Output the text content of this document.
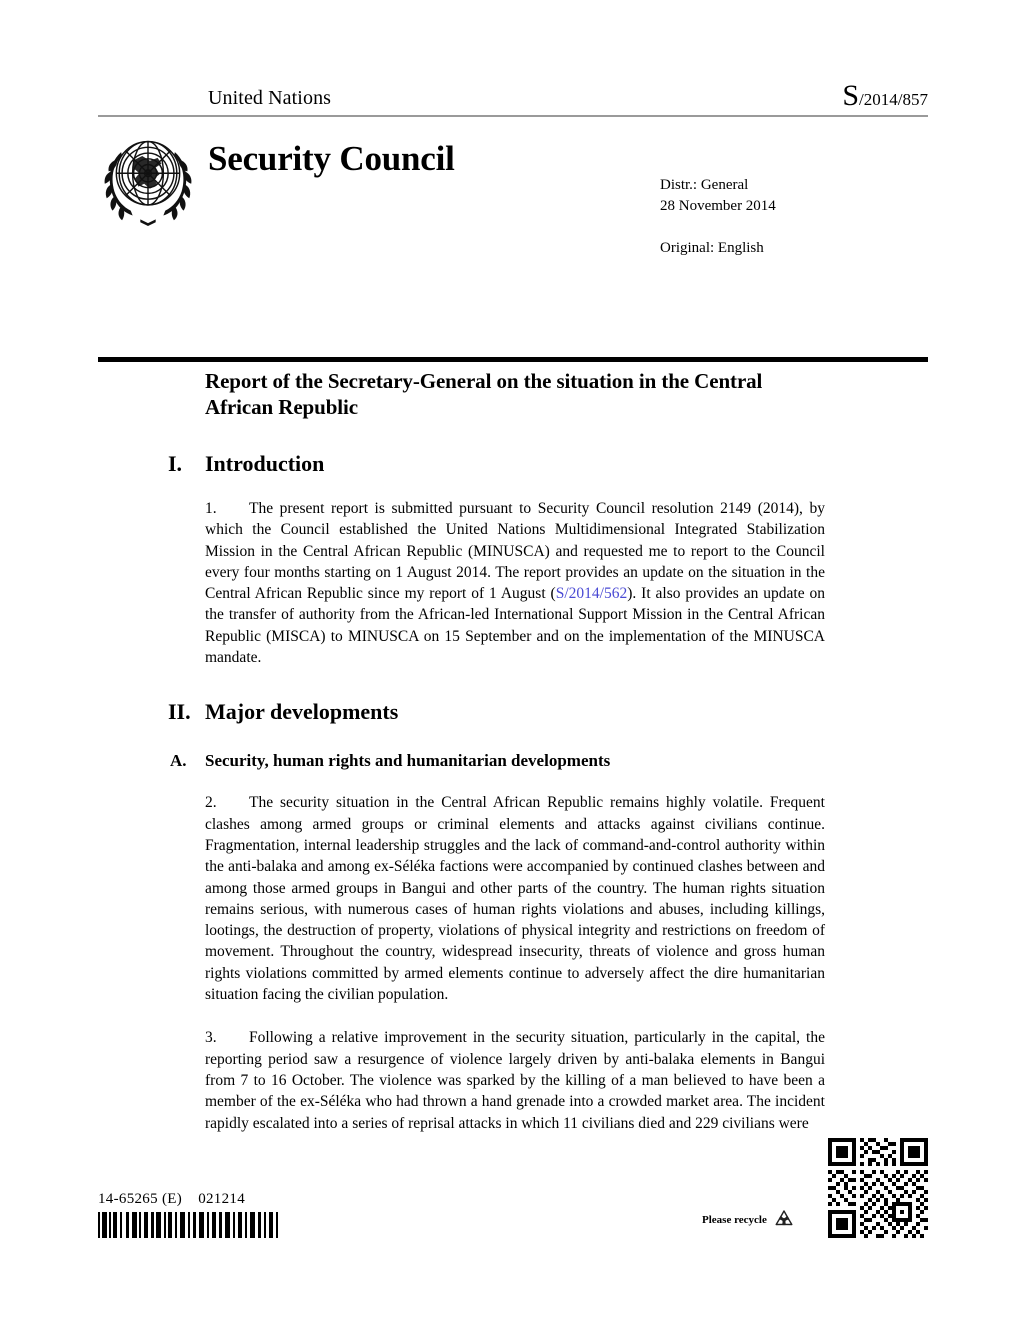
United Nations	S/2014/857
Security Council
Distr.: General
28 November 2014
Original: English
Report of the Secretary-General on the situation in the Central African Republic
I.	Introduction
1. The present report is submitted pursuant to Security Council resolution 2149 (2014), by which the Council established the United Nations Multidimensional Integrated Stabilization Mission in the Central African Republic (MINUSCA) and requested me to report to the Council every four months starting on 1 August 2014. The report provides an update on the situation in the Central African Republic since my report of 1 August (S/2014/562). It also provides an update on the transfer of authority from the African-led International Support Mission in the Central African Republic (MISCA) to MINUSCA on 15 September and on the implementation of the MINUSCA mandate.
II. Major developments
A.	Security, human rights and humanitarian developments
2. The security situation in the Central African Republic remains highly volatile. Frequent clashes among armed groups or criminal elements and attacks against civilians continue. Fragmentation, internal leadership struggles and the lack of command-and-control authority within the anti-balaka and among ex-Séléka factions were accompanied by continued clashes between and among those armed groups in Bangui and other parts of the country. The human rights situation remains serious, with numerous cases of human rights violations and abuses, including killings, lootings, the destruction of property, violations of physical integrity and restrictions on freedom of movement. Throughout the country, widespread insecurity, threats of violence and gross human rights violations committed by armed elements continue to adversely affect the dire humanitarian situation facing the civilian population.
3. Following a relative improvement in the security situation, particularly in the capital, the reporting period saw a resurgence of violence largely driven by anti-balaka elements in Bangui from 7 to 16 October. The violence was sparked by the killing of a man believed to have been a member of the ex-Séléka who had thrown a hand grenade into a crowded market area. The incident rapidly escalated into a series of reprisal attacks in which 11 civilians died and 229 civilians were
14-65265 (E)    021214
Please recycle
